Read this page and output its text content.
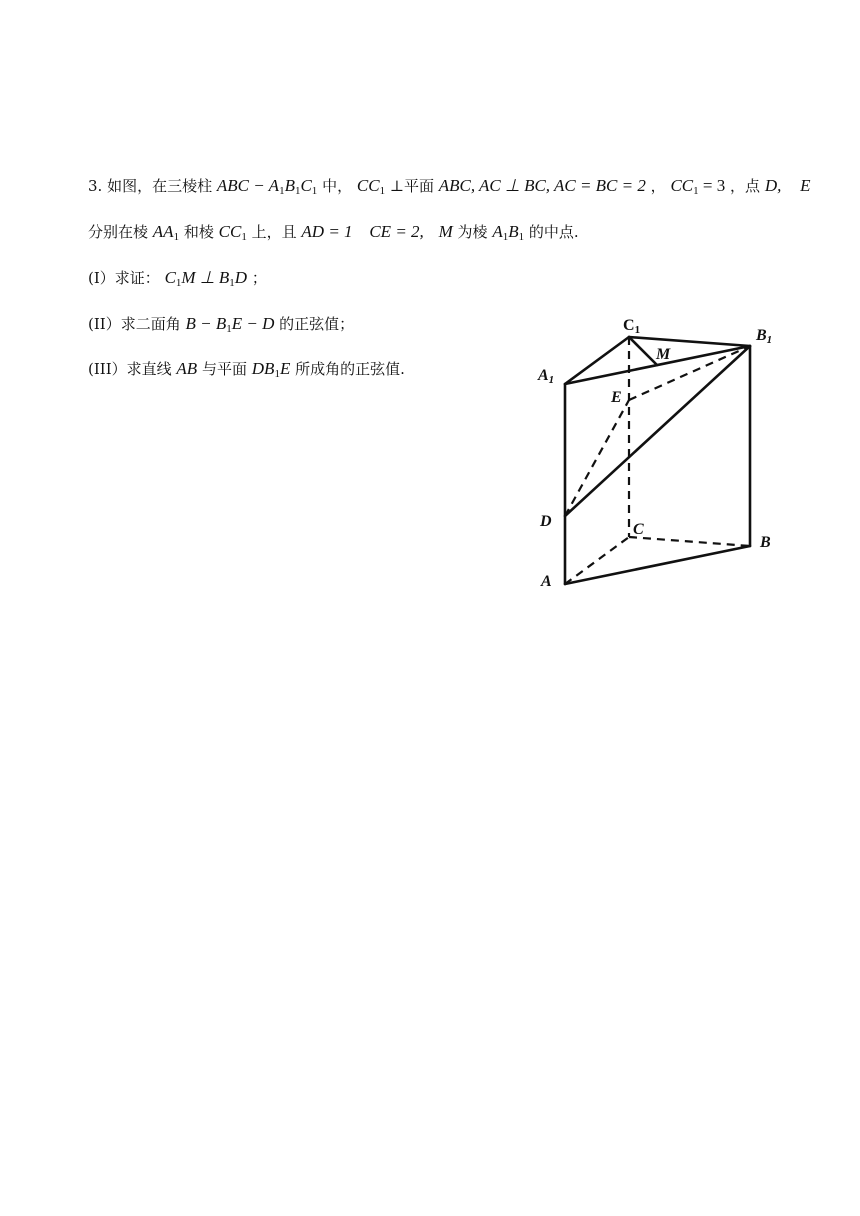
3. 如图，在三棱柱 ABC − A1B1C1 中， CC1 ⊥平面 ABC, AC ⊥ BC, AC = BC = 2 ， CC1 = 3 ，点 D, E
分别在棱 AA1 和棱 CC1 上，且 AD = 1 CE = 2, M 为棱 A1B1 的中点.
(I）求证： C1M ⊥ B1D ；
(II）求二面角 B − B1E − D 的正弦值；
(III）求直线 AB 与平面 DB1E 所成角的正弦值.
C1	B1
A1
M
E
D	C
B
A
